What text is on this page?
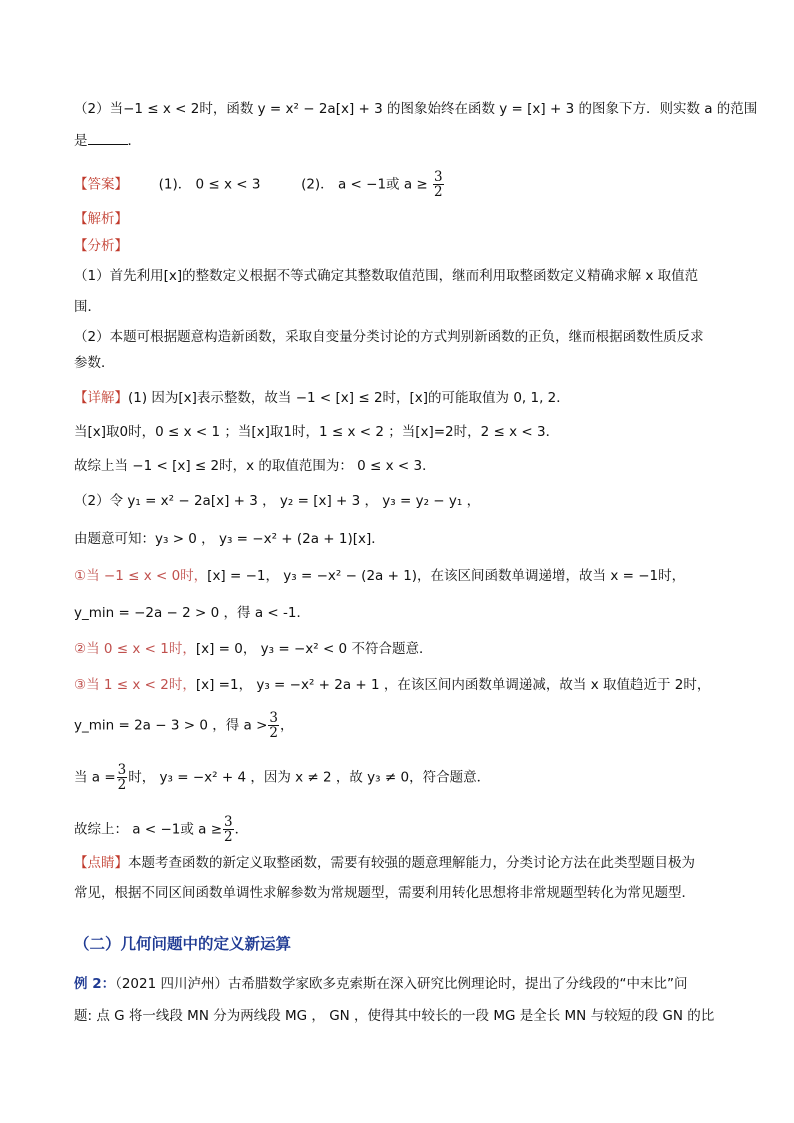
（2）当−1 ≤ x < 2时，函数 y = x² − 2a[x] + 3 的图象始终在函数 y = [x] + 3 的图象下方．则实数 a 的范围
是	．
【答案】 (1)． 0 ≤ x < 3	(2)． a < −1或 $a \ge \frac{3}{2}$
【解析】
【分析】
（1）首先利用[x]的整数定义根据不等式确定其整数取值范围，继而利用取整函数定义精确求解 x 取值范
围．
（2）本题可根据题意构造新函数，采取自变量分类讨论的方式判别新函数的正负，继而根据函数性质反求
参数．
【详解】(1) 因为[x]表示整数，故当 −1 < [x] ≤ 2时，[x]的可能取值为 0, 1, 2．
当[x]取0时，0 ≤ x < 1 ；当[x]取1时，1 ≤ x < 2 ；当[x]=2时，2 ≤ x < 3．
故综上当 −1 < [x] ≤ 2时，x 的取值范围为： 0 ≤ x < 3．
（2）令 y₁ = x² − 2a[x] + 3 ， y₂ = [x] + 3 ， y₃ = y₂ − y₁ ，
由题意可知：y₃ > 0 ， y₃ = −x² + (2a + 1)[x]．
①当 −1 ≤ x < 0时，[x] = −1， y₃ = −x² − (2a + 1)，在该区间函数单调递增，故当 x = −1时，
y_min = −2a − 2 > 0 ，得 a < -1．
②当 0 ≤ x < 1时，[x] = 0， y₃ = −x² < 0 不符合题意．
③当 1 ≤ x < 2时，[x] =1， y₃ = −x² + 2a + 1 ，在该区间内函数单调递减，故当 x 取值趋近于 2时，
y_min = 2a − 3 > 0 ，得 $a > \frac{3}{2}$ ，
当 $a = \frac{3}{2}$ 时， y₃ = −x² + 4 ，因为 x ≠ 2 ，故 y₃ ≠ 0，符合题意．
故综上： a < −1或 $a \ge \frac{3}{2}$ ．
【点睛】本题考查函数的新定义取整函数，需要有较强的题意理解能力，分类讨论方法在此类型题目极为
常见，根据不同区间函数单调性求解参数为常规题型，需要利用转化思想将非常规题型转化为常见题型．
（二）几何问题中的定义新运算
例 2：（2021 四川泸州）古希腊数学家欧多克索斯在深入研究比例理论时，提出了分线段的“中末比”问
题: 点 G 将一线段 MN 分为两线段 MG ， GN ，使得其中较长的一段 MG 是全长 MN 与较短的段 GN 的比
